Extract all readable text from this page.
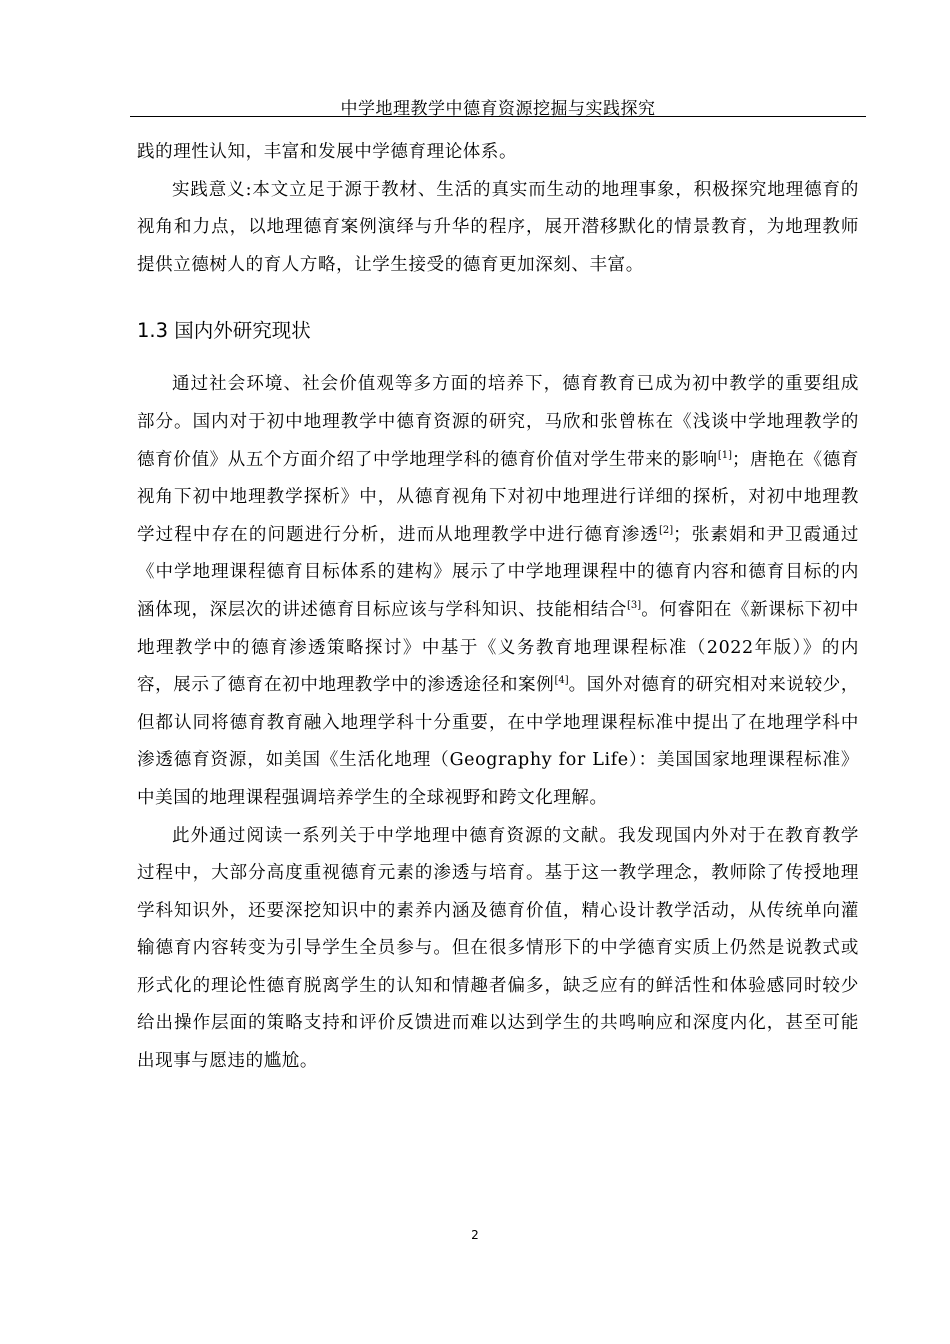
中学地理教学中德育资源挖掘与实践探究

践的理性认知，丰富和发展中学德育理论体系。

实践意义:本文立足于源于教材、生活的真实而生动的地理事象，积极探究地理德育的视角和力点，以地理德育案例演绎与升华的程序，展开潜移默化的情景教育，为地理教师提供立德树人的育人方略，让学生接受的德育更加深刻、丰富。

1.3 国内外研究现状

通过社会环境、社会价值观等多方面的培养下，德育教育已成为初中教学的重要组成部分。国内对于初中地理教学中德育资源的研究，马欣和张曾栋在《浅谈中学地理教学的德育价值》从五个方面介绍了中学地理学科的德育价值对学生带来的影响[1]；唐艳在《德育视角下初中地理教学探析》中，从德育视角下对初中地理进行详细的探析，对初中地理教学过程中存在的问题进行分析，进而从地理教学中进行德育渗透[2]；张素娟和尹卫霞通过《中学地理课程德育目标体系的建构》展示了中学地理课程中的德育内容和德育目标的内涵体现，深层次的讲述德育目标应该与学科知识、技能相结合[3]。何睿阳在《新课标下初中地理教学中的德育渗透策略探讨》中基于《义务教育地理课程标准（2022年版）》的内容，展示了德育在初中地理教学中的渗透途径和案例[4]。国外对德育的研究相对来说较少，但都认同将德育教育融入地理学科十分重要，在中学地理课程标准中提出了在地理学科中渗透德育资源，如美国《生活化地理（Geography for Life）：美国国家地理课程标准》中美国的地理课程强调培养学生的全球视野和跨文化理解。

此外通过阅读一系列关于中学地理中德育资源的文献。我发现国内外对于在教育教学过程中，大部分高度重视德育元素的渗透与培育。基于这一教学理念，教师除了传授地理学科知识外，还要深挖知识中的素养内涵及德育价值，精心设计教学活动，从传统单向灌输德育内容转变为引导学生全员参与。但在很多情形下的中学德育实质上仍然是说教式或形式化的理论性德育脱离学生的认知和情趣者偏多，缺乏应有的鲜活性和体验感同时较少给出操作层面的策略支持和评价反馈进而难以达到学生的共鸣响应和深度内化，甚至可能出现事与愿违的尴尬。

2
